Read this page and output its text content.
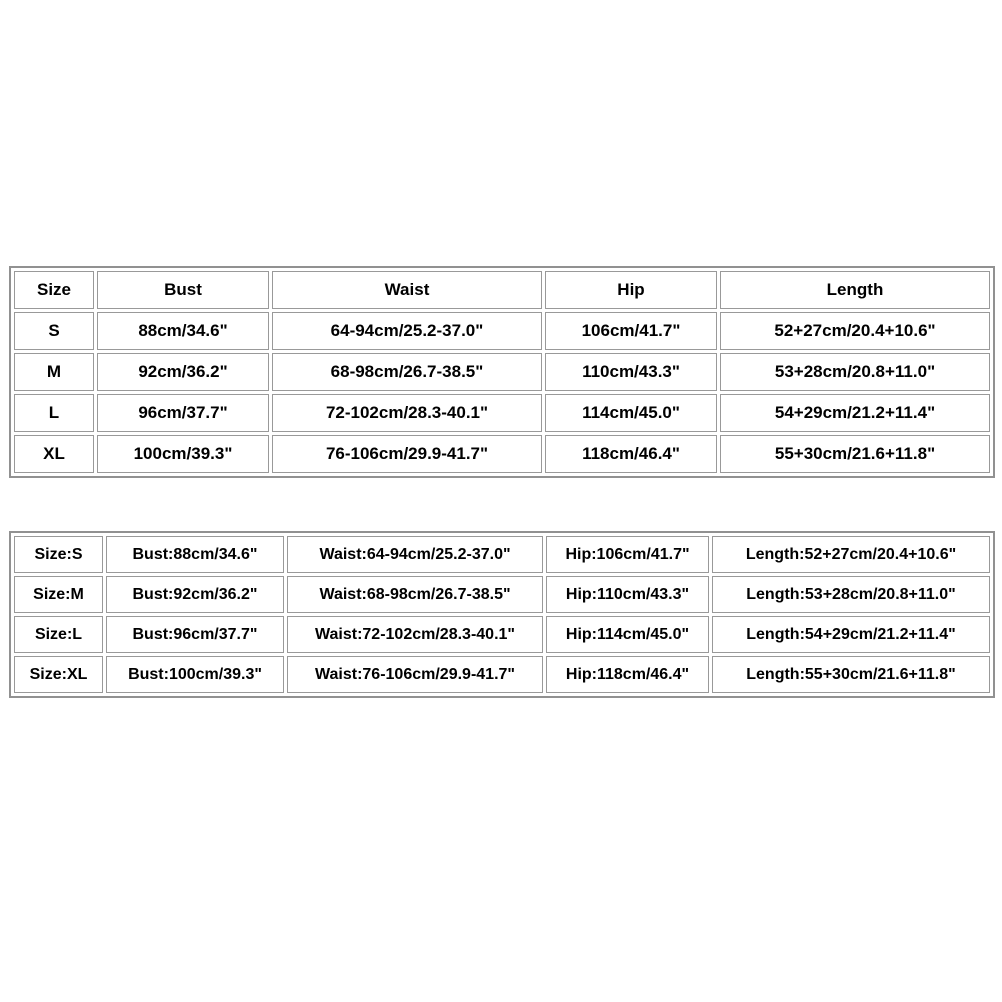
Size	Bust	Waist	Hip	Length
S	88cm/34.6"	64-94cm/25.2-37.0"	106cm/41.7"	52+27cm/20.4+10.6"
M	92cm/36.2"	68-98cm/26.7-38.5"	110cm/43.3"	53+28cm/20.8+11.0"
L	96cm/37.7"	72-102cm/28.3-40.1"	114cm/45.0"	54+29cm/21.2+11.4"
XL	100cm/39.3"	76-106cm/29.9-41.7"	118cm/46.4"	55+30cm/21.6+11.8"
Size:S	Bust:88cm/34.6"	Waist:64-94cm/25.2-37.0"	Hip:106cm/41.7"	Length:52+27cm/20.4+10.6"
Size:M	Bust:92cm/36.2"	Waist:68-98cm/26.7-38.5"	Hip:110cm/43.3"	Length:53+28cm/20.8+11.0"
Size:L	Bust:96cm/37.7"	Waist:72-102cm/28.3-40.1"	Hip:114cm/45.0"	Length:54+29cm/21.2+11.4"
Size:XL	Bust:100cm/39.3"	Waist:76-106cm/29.9-41.7"	Hip:118cm/46.4"	Length:55+30cm/21.6+11.8"
